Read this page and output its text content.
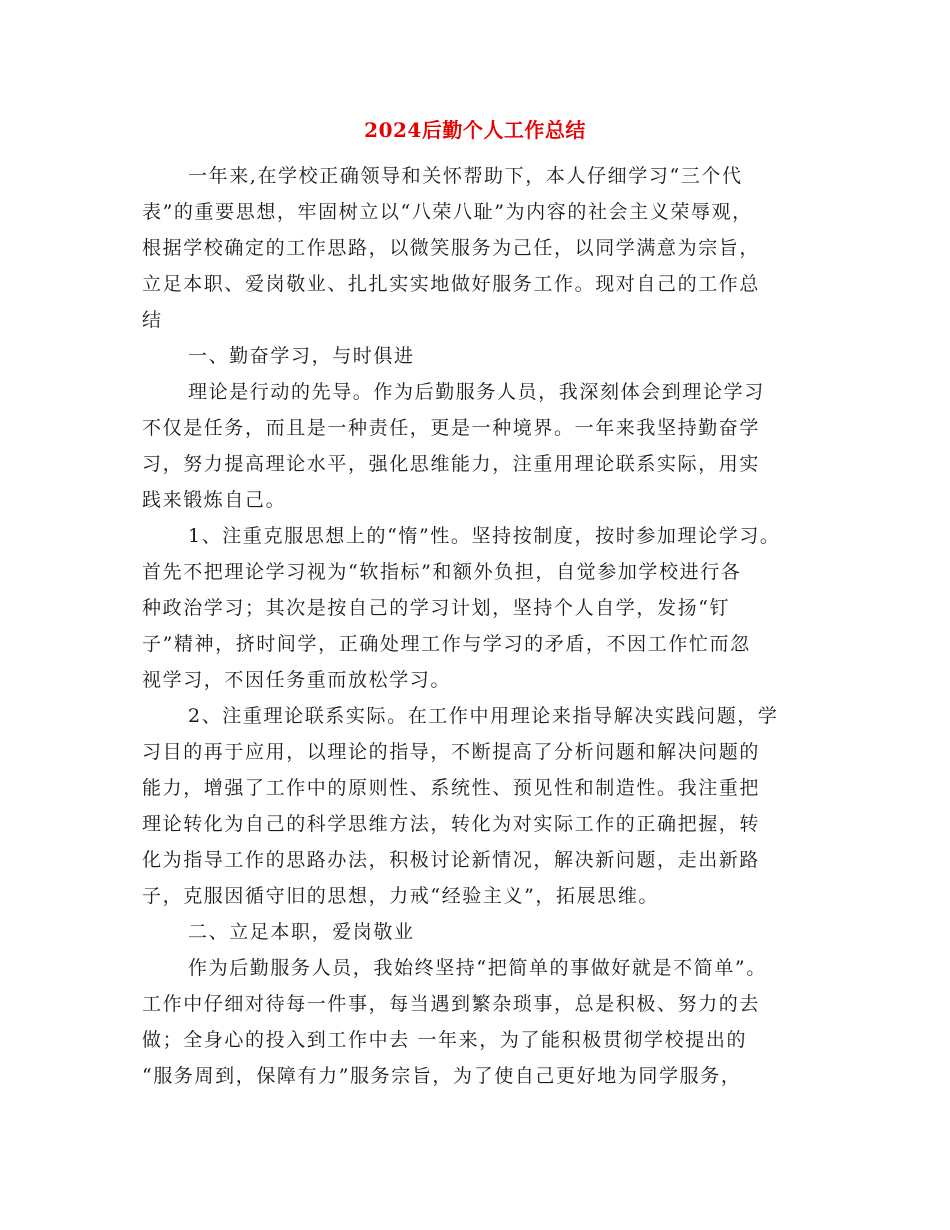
2024后勤个人工作总结
一年来,在学校正确领导和关怀帮助下，本人仔细学习“三个代
表”的重要思想，牢固树立以“八荣八耻”为内容的社会主义荣辱观，
根据学校确定的工作思路，以微笑服务为己任，以同学满意为宗旨，
立足本职、爱岗敬业、扎扎实实地做好服务工作。现对自己的工作总
结
一、勤奋学习，与时俱进
理论是行动的先导。作为后勤服务人员，我深刻体会到理论学习
不仅是任务，而且是一种责任，更是一种境界。一年来我坚持勤奋学
习，努力提高理论水平，强化思维能力，注重用理论联系实际，用实
践来锻炼自己。
1、注重克服思想上的“惰”性。坚持按制度，按时参加理论学习。
首先不把理论学习视为“软指标”和额外负担，自觉参加学校进行各
种政治学习；其次是按自己的学习计划，坚持个人自学，发扬“钉
子”精神，挤时间学，正确处理工作与学习的矛盾，不因工作忙而忽
视学习，不因任务重而放松学习。
2、注重理论联系实际。在工作中用理论来指导解决实践问题，学
习目的再于应用，以理论的指导，不断提高了分析问题和解决问题的
能力，增强了工作中的原则性、系统性、预见性和制造性。我注重把
理论转化为自己的科学思维方法，转化为对实际工作的正确把握，转
化为指导工作的思路办法，积极讨论新情况，解决新问题，走出新路
子，克服因循守旧的思想，力戒“经验主义”，拓展思维。
二、立足本职，爱岗敬业
作为后勤服务人员，我始终坚持“把简单的事做好就是不简单”。
工作中仔细对待每一件事，每当遇到繁杂琐事，总是积极、努力的去
做；全身心的投入到工作中去 一年来，为了能积极贯彻学校提出的
“服务周到，保障有力”服务宗旨，为了使自己更好地为同学服务，
